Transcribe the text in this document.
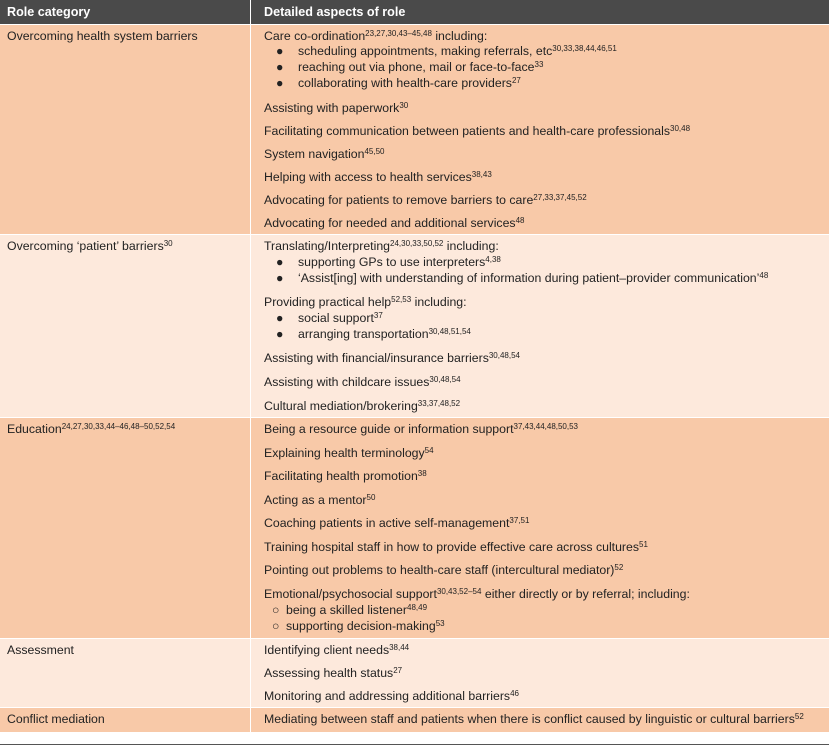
Role category	Detailed aspects of role
Overcoming health system barriers	Care co-ordination$^{23,27,30,43-45,48}$ including:
● scheduling appointments, making referrals, etc$^{30,33,38,44,46,51}$
● reaching out via phone, mail or face-to-face$^{33}$
● collaborating with health-care providers$^{27}$
Assisting with paperwork$^{30}$
Facilitating communication between patients and health-care professionals$^{30,48}$
System navigation$^{45,50}$
Helping with access to health services$^{38,43}$
Advocating for patients to remove barriers to care$^{27,33,37,45,52}$
Advocating for needed and additional services$^{48}$
Overcoming ‘patient’ barriers$^{30}$	Translating/Interpreting$^{24,30,33,50,52}$ including:
● supporting GPs to use interpreters$^{4,38}$
● ‘Assist[ing] with understanding of information during patient–provider communication’$^{48}$
Providing practical help$^{52,53}$ including:
● social support$^{37}$
● arranging transportation$^{30,48,51,54}$
Assisting with financial/insurance barriers$^{30,48,54}$
Assisting with childcare issues$^{30,48,54}$
Cultural mediation/brokering$^{33,37,48,52}$
Education$^{24,27,30,33,44-46,48-50,52,54}$	Being a resource guide or information support$^{37,43,44,48,50,53}$
Explaining health terminology$^{54}$
Facilitating health promotion$^{38}$
Acting as a mentor$^{50}$
Coaching patients in active self-management$^{37,51}$
Training hospital staff in how to provide effective care across cultures$^{51}$
Pointing out problems to health-care staff (intercultural mediator)$^{52}$
Emotional/psychosocial support$^{30,43,52-54}$ either directly or by referral; including:
○ being a skilled listener$^{48,49}$
○ supporting decision-making$^{53}$
Assessment	Identifying client needs$^{38,44}$
Assessing health status$^{27}$
Monitoring and addressing additional barriers$^{46}$
Conflict mediation	Mediating between staff and patients when there is conflict caused by linguistic or cultural barriers$^{52}$
